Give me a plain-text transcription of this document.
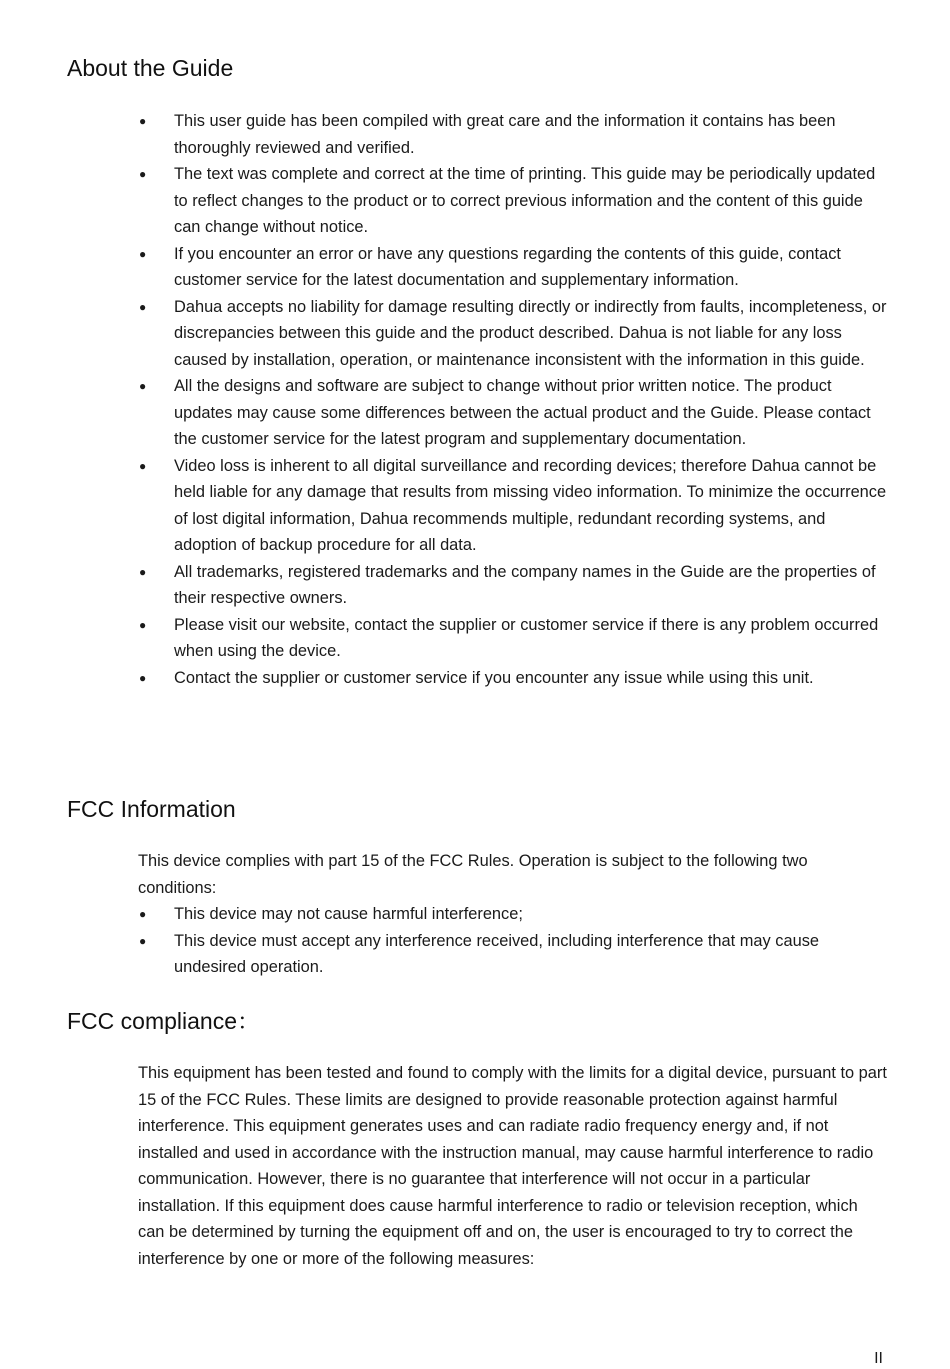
About the Guide
● This user guide has been compiled with great care and the information it contains has been thoroughly reviewed and verified.
● The text was complete and correct at the time of printing. This guide may be periodically updated to reflect changes to the product or to correct previous information and the content of this guide can change without notice.
● If you encounter an error or have any questions regarding the contents of this guide, contact customer service for the latest documentation and supplementary information.
● Dahua accepts no liability for damage resulting directly or indirectly from faults, incompleteness, or discrepancies between this guide and the product described. Dahua is not liable for any loss caused by installation, operation, or maintenance inconsistent with the information in this guide.
● All the designs and software are subject to change without prior written notice. The product updates may cause some differences between the actual product and the Guide. Please contact the customer service for the latest program and supplementary documentation.
● Video loss is inherent to all digital surveillance and recording devices; therefore Dahua cannot be held liable for any damage that results from missing video information. To minimize the occurrence of lost digital information, Dahua recommends multiple, redundant recording systems, and adoption of backup procedure for all data.
● All trademarks, registered trademarks and the company names in the Guide are the properties of their respective owners.
● Please visit our website, contact the supplier or customer service if there is any problem occurred when using the device.
● Contact the supplier or customer service if you encounter any issue while using this unit.
FCC Information

This device complies with part 15 of the FCC Rules. Operation is subject to the following two conditions:

● This device may not cause harmful interference;
● This device must accept any interference received, including interference that may cause undesired operation.
FCC compliance：

This equipment has been tested and found to comply with the limits for a digital device, pursuant to part 15 of the FCC Rules. These limits are designed to provide reasonable protection against harmful interference. This equipment generates uses and can radiate radio frequency energy and, if not installed and used in accordance with the instruction manual, may cause harmful interference to radio communication. However, there is no guarantee that interference will not occur in a particular installation. If this equipment does cause harmful interference to radio or television reception, which can be determined by turning the equipment off and on, the user is encouraged to try to correct the interference by one or more of the following measures:

II
